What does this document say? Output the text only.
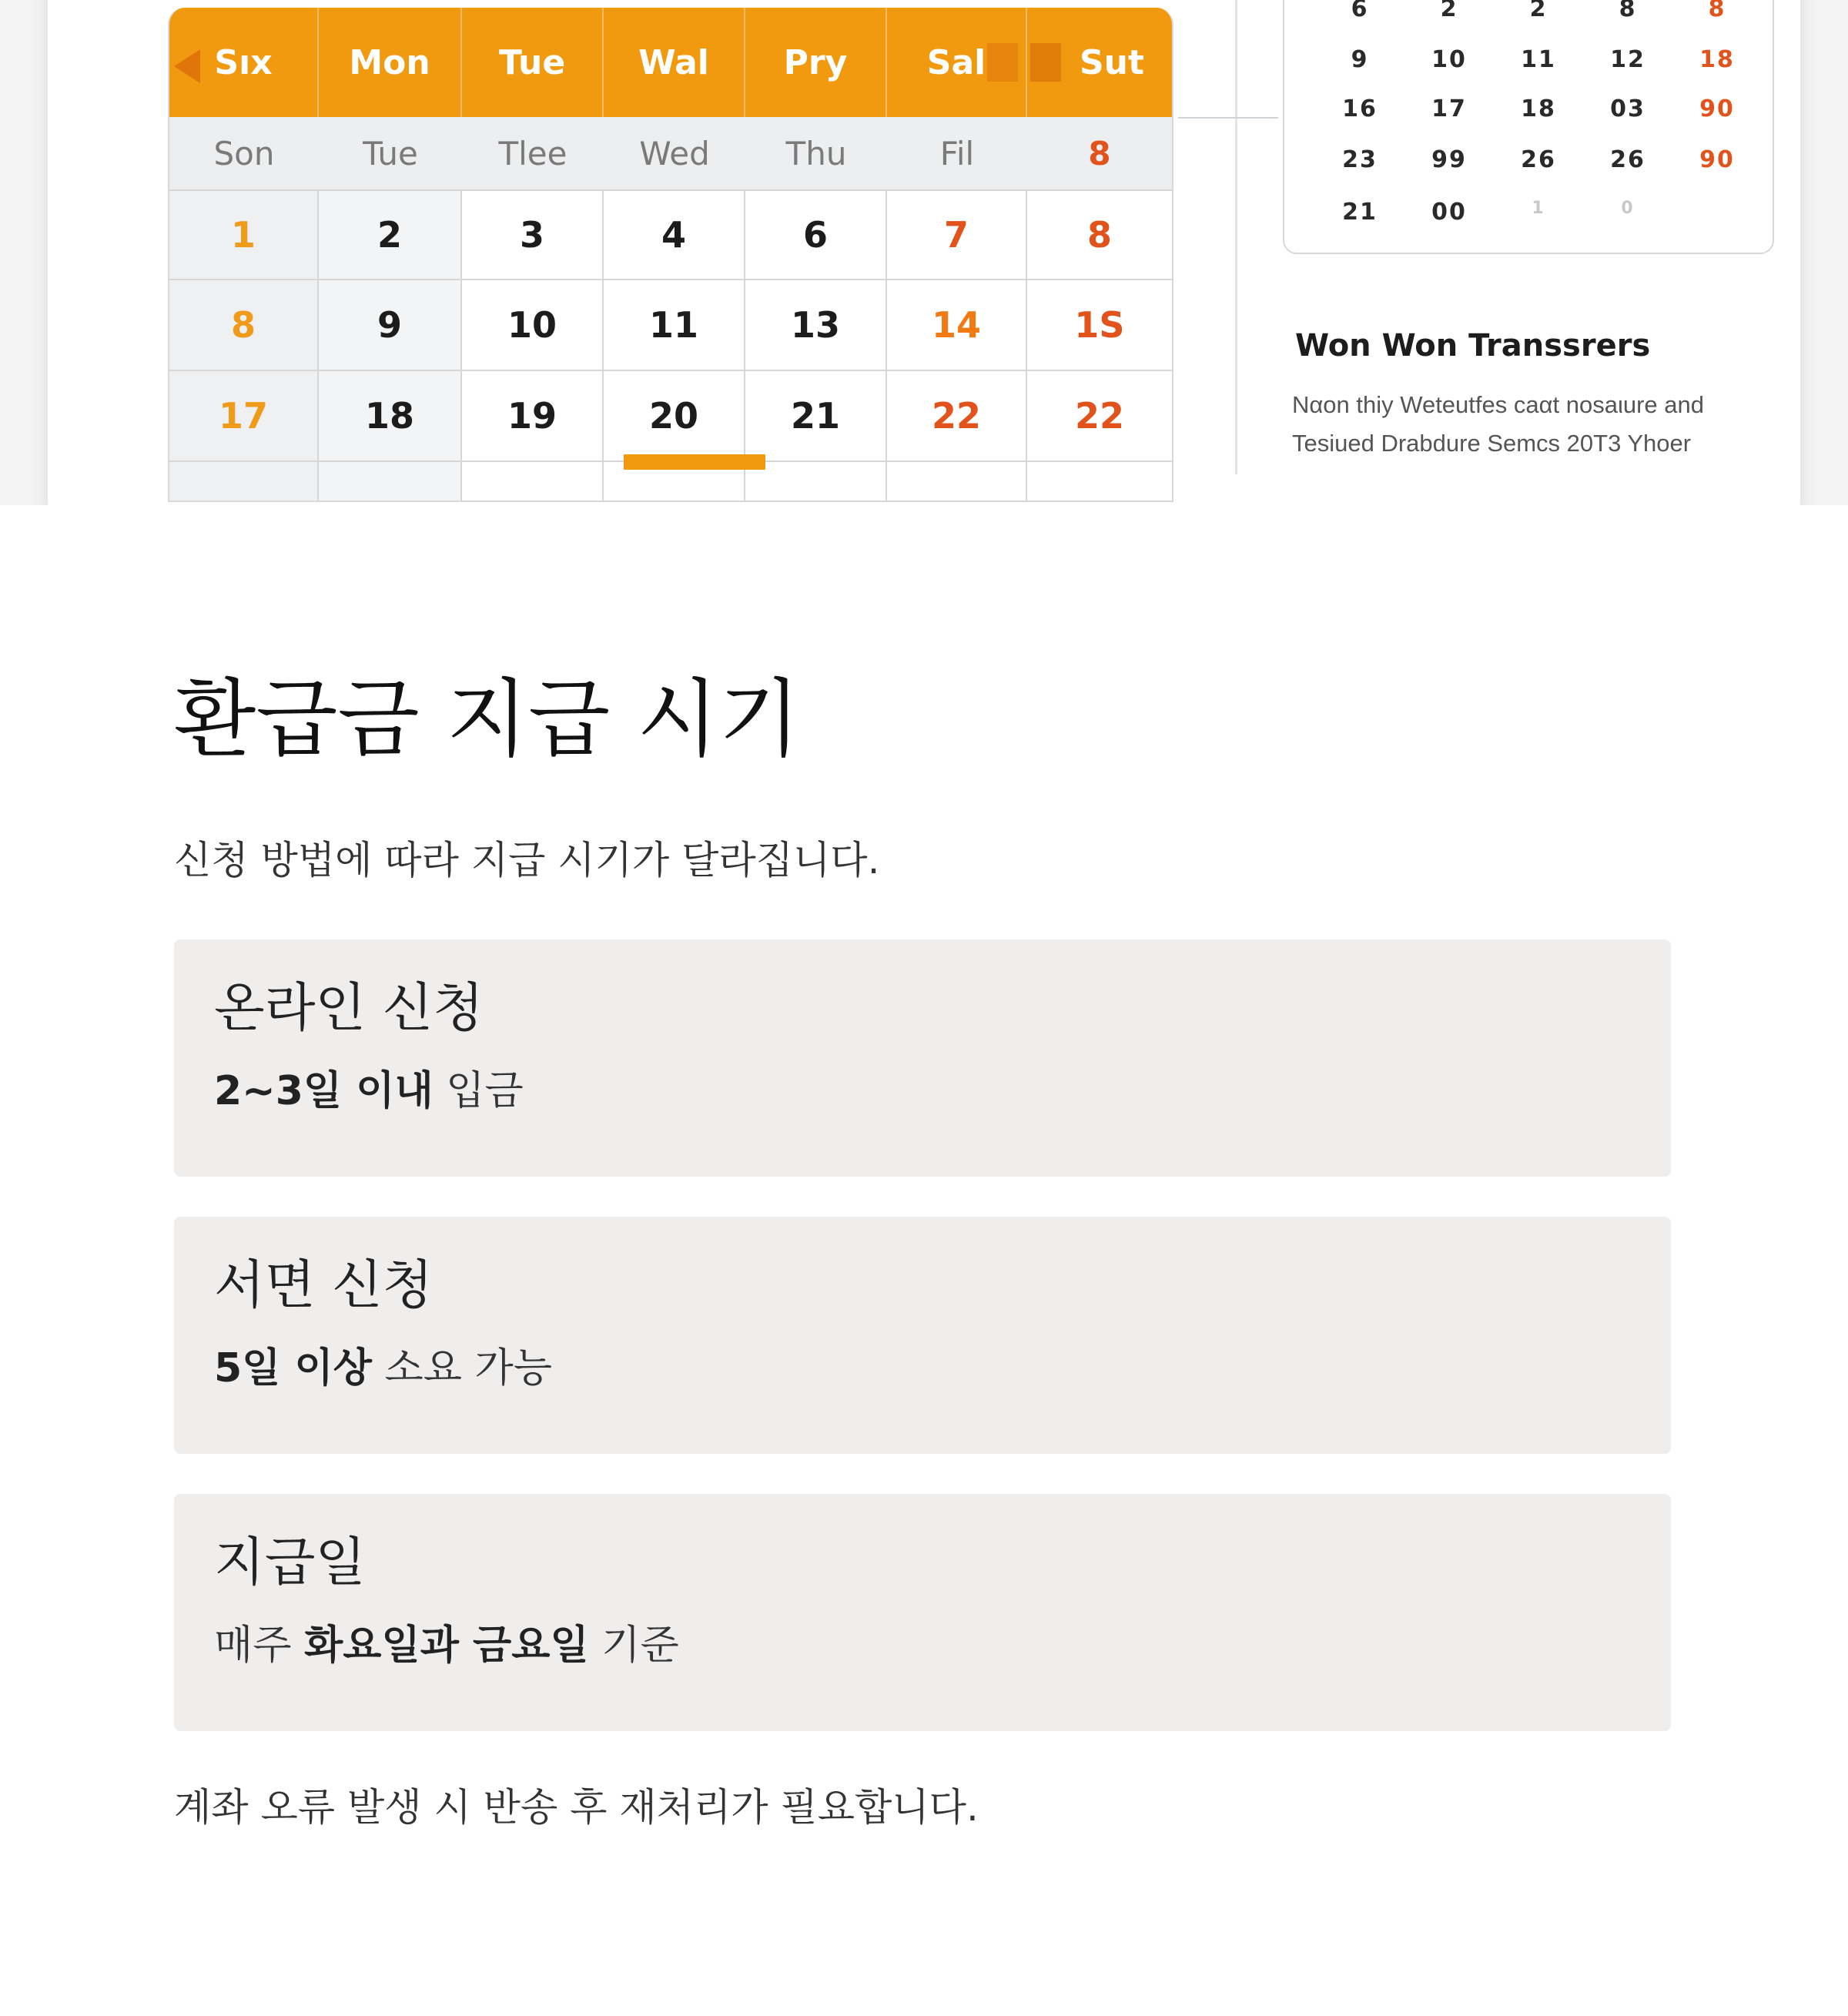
Sıx Mon Tue Wal Pry Sal	Sut
Son	Tue	Tlee	Wed	Thu	Fil	8
1	2	3	4	6	7	8
8	9	10	11	13	14	1S
17	18	19	20	21	22	22
6	2	2	8	8
9	10	11	12	18
16	17	18	03	90
23	99	26	26	90
21	00	1	0
Won Won Transsrers
Nαon thiy Weteutfes caαt nosaιure and
Tesiued Drabdure Semcs 20T3 Yhoer
환급금 지급 시기

신청 방법에 따라 지급 시기가 달라집니다.

온라인 신청

2~3일 이내 입금

서면 신청

5일 이상 소요 가능

지급일

매주 화요일과 금요일 기준

계좌 오류 발생 시 반송 후 재처리가 필요합니다.
